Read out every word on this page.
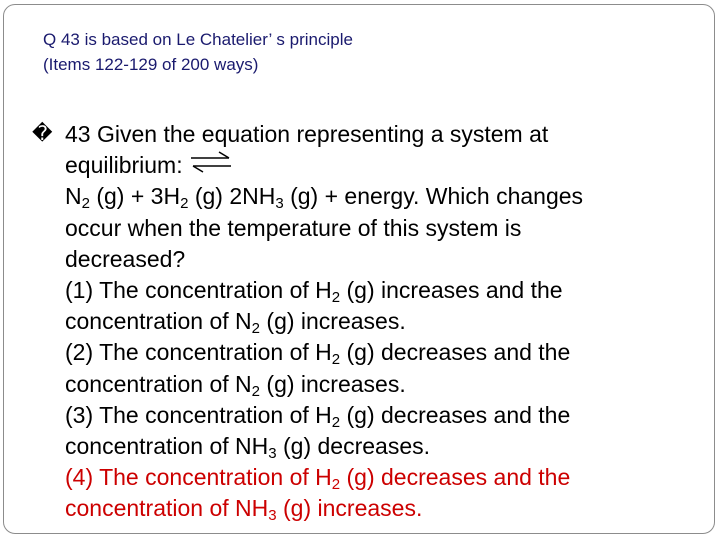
Q 43 is based on Le Chatelier’ s principle
(Items 122-129 of 200 ways)
� 43 Given the equation representing a system at
equilibrium: ⇌
$N_2$ $(g) + 3H_2$ (g) $2NH_3$ (g) + energy. Which changes
occur when the temperature of this system is
decreased?
(1) The concentration of $H_2$ (g) increases and the
concentration of $N_2$ (g) increases.
(2) The concentration of $H_2$ (g) decreases and the
concentration of $N_2$ (g) increases.
(3) The concentration of $H_2$ (g) decreases and the
concentration of $NH_3$ (g) decreases.
(4) The concentration of $H_2$ (g) decreases and the
concentration of $NH_3$ (g) increases.
